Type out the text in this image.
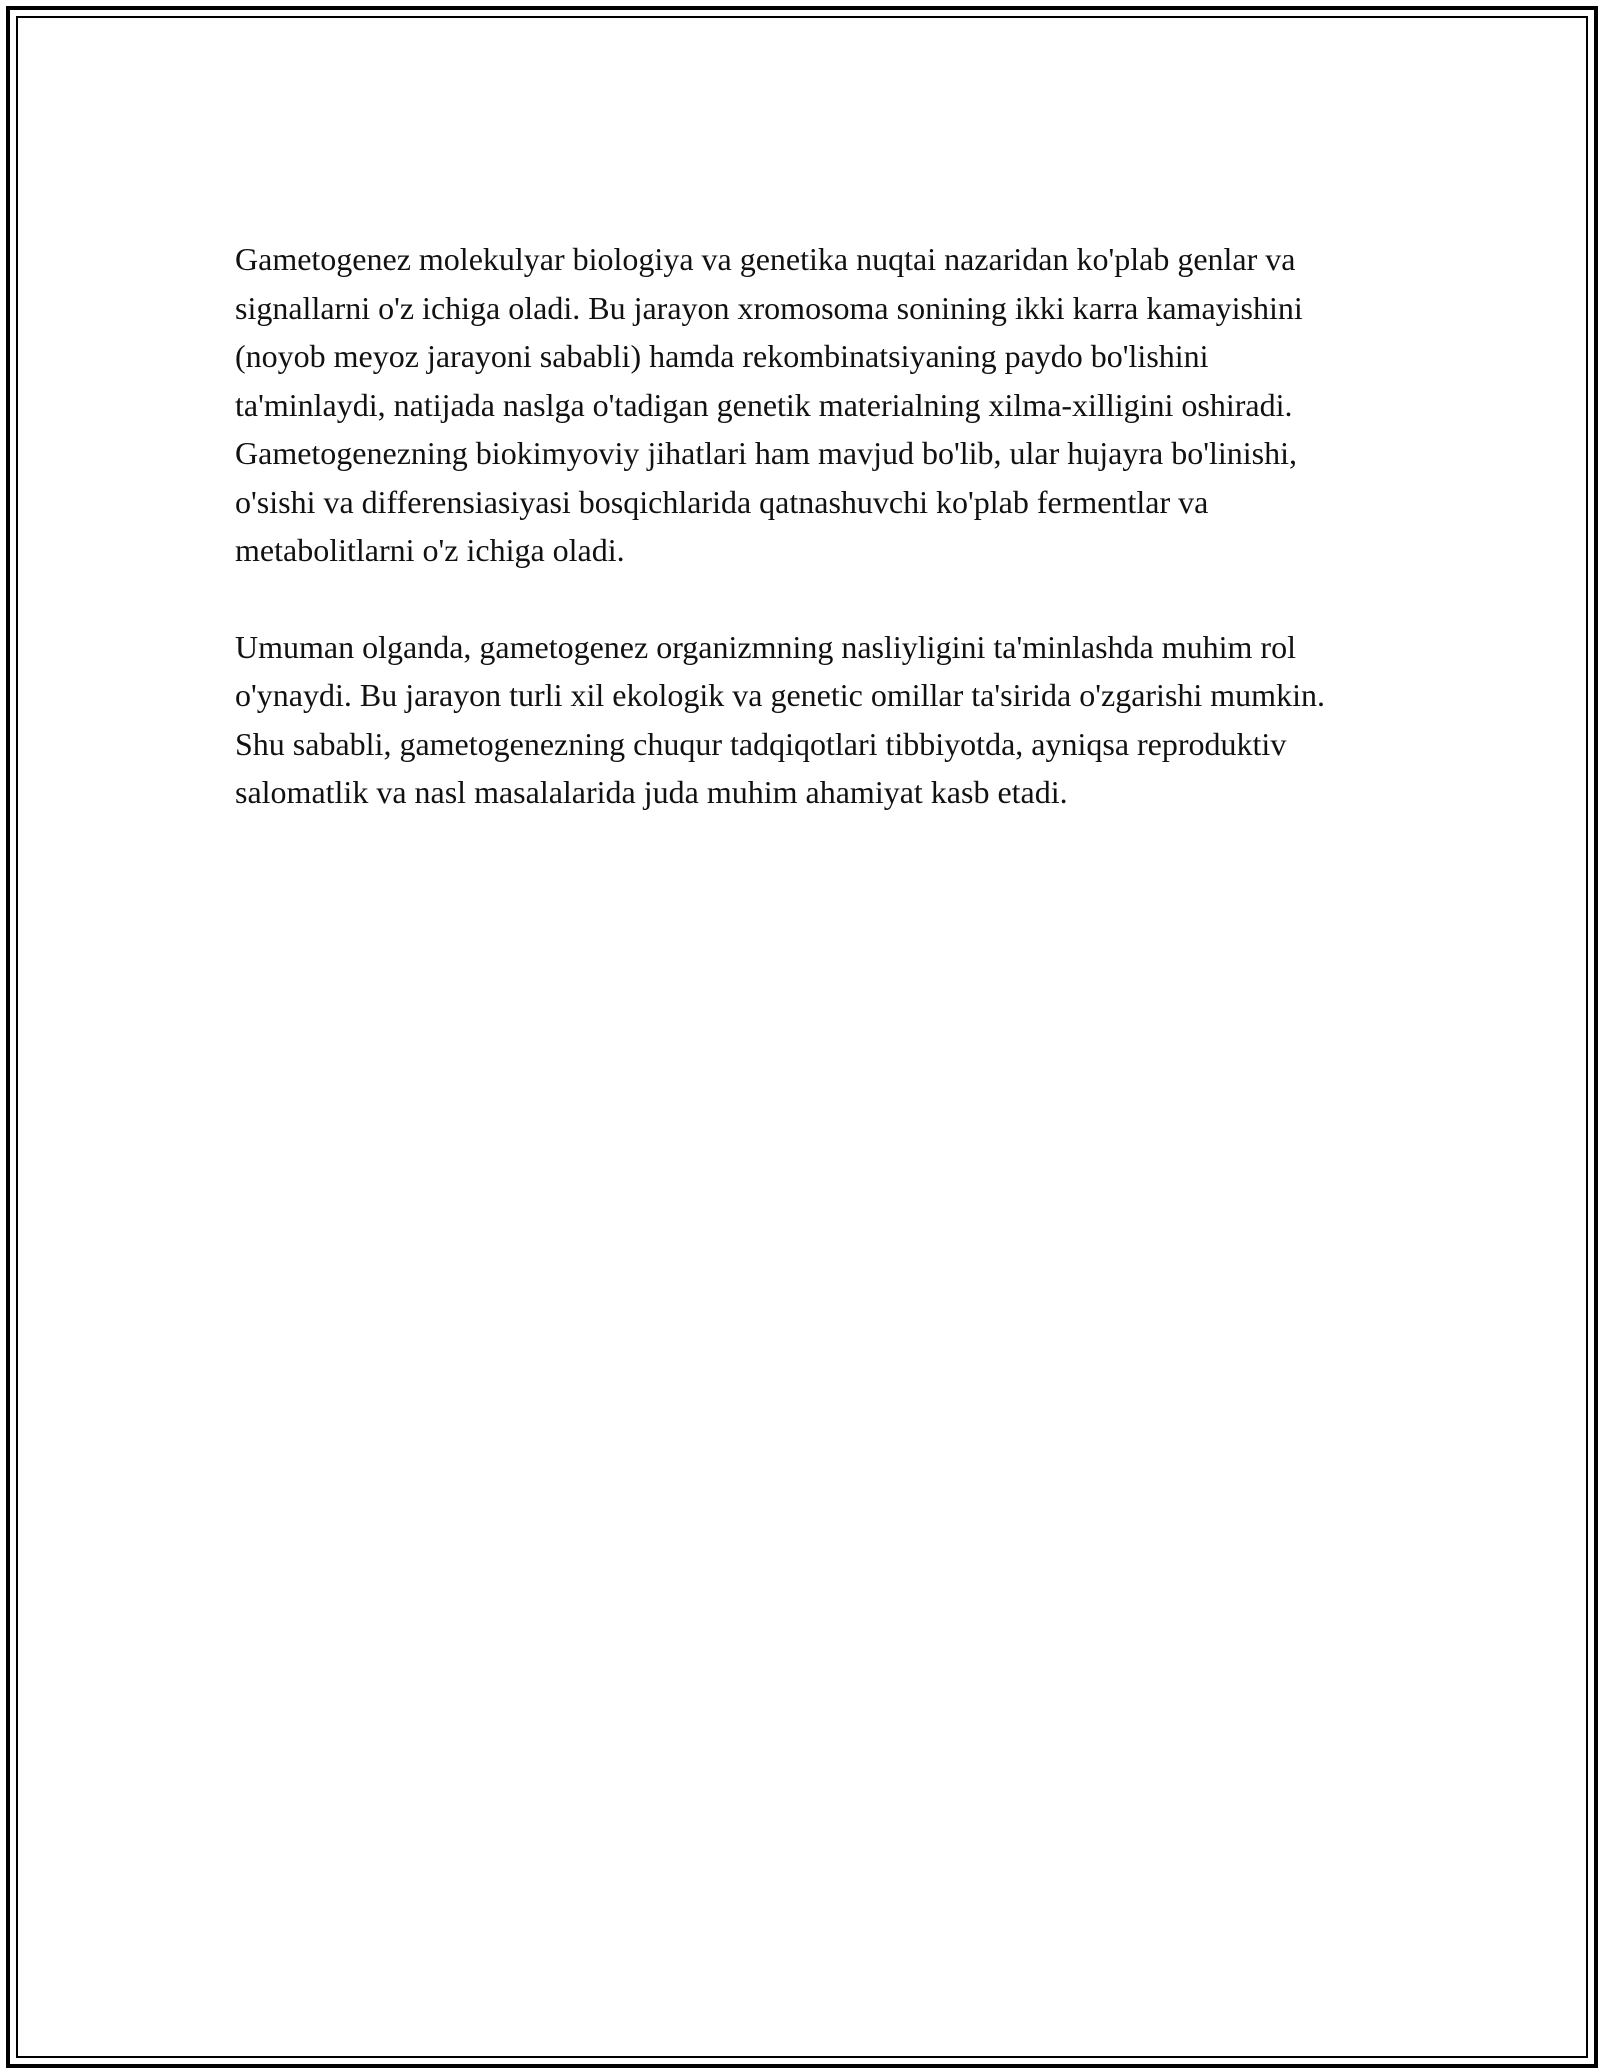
Gametogenez molekulyar biologiya va genetika nuqtai nazaridan ko'plab genlar va signallarni o'z ichiga oladi. Bu jarayon xromosoma sonining ikki karra kamayishini (noyob meyoz jarayoni sababli) hamda rekombinatsiyaning paydo bo'lishini ta'minlaydi, natijada naslga o'tadigan genetik materialning xilma-xilligini oshiradi. Gametogenezning biokimyoviy jihatlari ham mavjud bo'lib, ular hujayra bo'linishi, o'sishi va differensiasiyasi bosqichlarida qatnashuvchi ko'plab fermentlar va metabolitlarni o'z ichiga oladi.

Umuman olganda, gametogenez organizmning nasliyligini ta'minlashda muhim rol o'ynaydi. Bu jarayon turli xil ekologik va genetic omillar ta'sirida o'zgarishi mumkin. Shu sababli, gametogenezning chuqur tadqiqotlari tibbiyotda, ayniqsa reproduktiv salomatlik va nasl masalalarida juda muhim ahamiyat kasb etadi.
